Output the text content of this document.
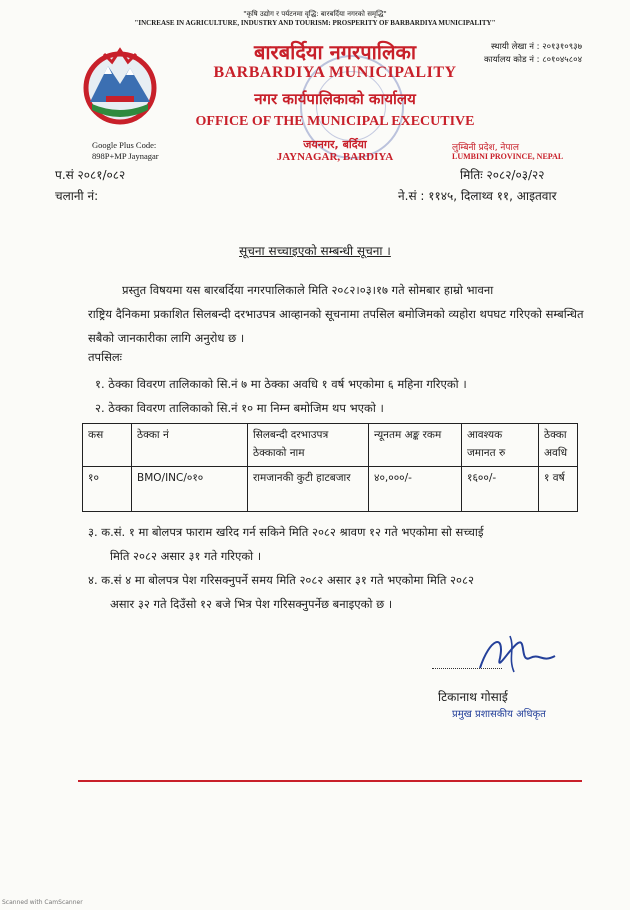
"कृषि उद्योग र पर्यटनमा वृद्धि: बारबर्दिया नगरको समृद्धि"
"INCREASE IN AGRICULTURE, INDUSTRY AND TOURISM: PROSPERITY OF BARBARDIYA MUNICIPALITY"
बारबर्दिया नगरपालिका
BARBARDIYA MUNICIPALITY
नगर कार्यपालिकाको कार्यालय
OFFICE OF THE MUNICIPAL EXECUTIVE
जयनगर, बर्दिया
JAYNAGAR, BARDIYA
स्थायी लेखा नं : २०१३१०९३७
कार्यालय कोड नं : ८०१०४५८०४
लुम्बिनी प्रदेश, नेपाल
LUMBINI PROVINCE, NEPAL
Google Plus Code:
898P+MP Jaynagar
प.सं २०८१/०८२
चलानी नं:
मितिः २०८२/०३/२२
ने.सं : ११४५, दिलाथ्व ११, आइतवार
सूचना सच्चाइएको सम्बन्धी सूचना ।
प्रस्तुत विषयमा यस बारबर्दिया नगरपालिकाले मिति २०८२।०३।१७ गते सोमबार हाम्रो भावना
राष्ट्रिय दैनिकमा प्रकाशित सिलबन्दी दरभाउपत्र आव्हानको सूचनामा तपसिल बमोजिमको व्यहोरा थपघट गरिएको सम्बन्धित सबैको जानकारीका लागि अनुरोध छ ।
तपसिलः
१. ठेक्का विवरण तालिकाको सि.नं ७ मा ठेक्का अवधि १ वर्ष भएकोमा ६ महिना गरिएको ।
२. ठेक्का विवरण तालिकाको सि.नं १० मा निम्न बमोजिम थप भएको ।
कस	ठेक्का नं	सिलबन्दी दरभाउपत्र ठेक्काको नाम	न्यूनतम अङ्क रकम	आवश्यक जमानत रु	ठेक्का अवधि
१०	BMO/INC/०१०	रामजानकी कुटी हाटबजार	४०,०००/-	१६००/-	१ वर्ष
३. क.सं. १ मा बोलपत्र फाराम खरिद गर्न सकिने मिति २०८२ श्रावण १२ गते भएकोमा सो सच्चाई
मिति २०८२ असार ३१ गते गरिएको ।
४. क.सं ४ मा बोलपत्र पेश गरिसक्नुपर्ने समय मिति २०८२ असार ३१ गते भएकोमा मिति २०८२
असार ३२ गते दिउँसो १२ बजे भित्र पेश गरिसक्नुपर्नेछ बनाइएको छ ।
टिकानाथ गोसाई
प्रमुख प्रशासकीय अधिकृत
Scanned with CamScanner
